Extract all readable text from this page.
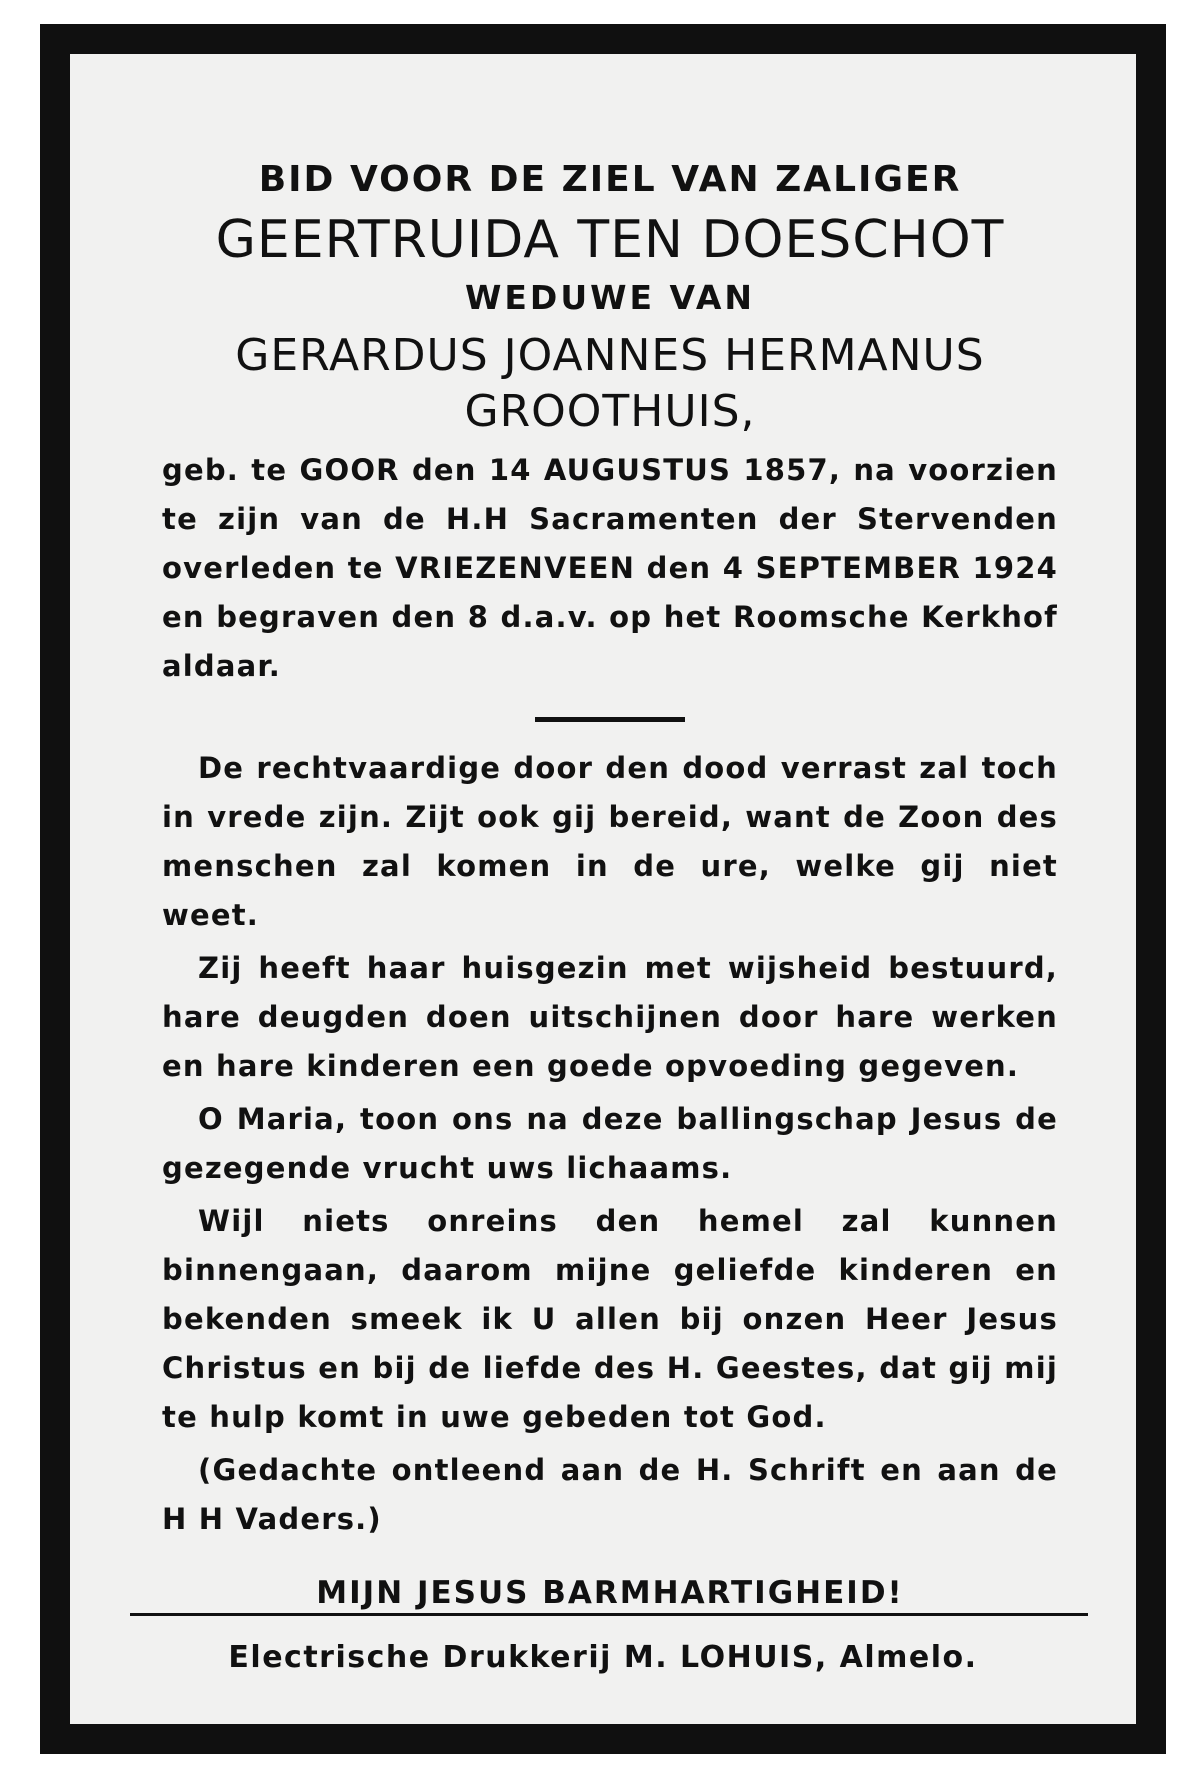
BID VOOR DE ZIEL VAN ZALIGER

GEERTRUIDA TEN DOESCHOT

WEDUWE VAN

GERARDUS JOANNES HERMANUS GROOTHUIS,

geb. te GOOR den 14 AUGUSTUS 1857, na voorzien te zijn van de H.H Sacramenten der Stervenden overleden te VRIEZENVEEN den 4 SEPTEMBER 1924 en begraven den 8 d.a.v. op het Roomsche Kerkhof aldaar.

De rechtvaardige door den dood verrast zal toch in vrede zijn. Zijt ook gij bereid, want de Zoon des menschen zal komen in de ure, welke gij niet weet.

Zij heeft haar huisgezin met wijsheid bestuurd, hare deugden doen uitschijnen door hare werken en hare kinderen een goede opvoeding gegeven.

O Maria, toon ons na deze ballingschap Jesus de gezegende vrucht uws lichaams.

Wijl niets onreins den hemel zal kunnen binnengaan, daarom mijne geliefde kinderen en bekenden smeek ik U allen bij onzen Heer Jesus Christus en bij de liefde des H. Geestes, dat gij mij te hulp komt in uwe gebeden tot God.

(Gedachte ontleend aan de H. Schrift en aan de H H Vaders.)

MIJN JESUS BARMHARTIGHEID!

Electrische Drukkerij M. LOHUIS, Almelo.
